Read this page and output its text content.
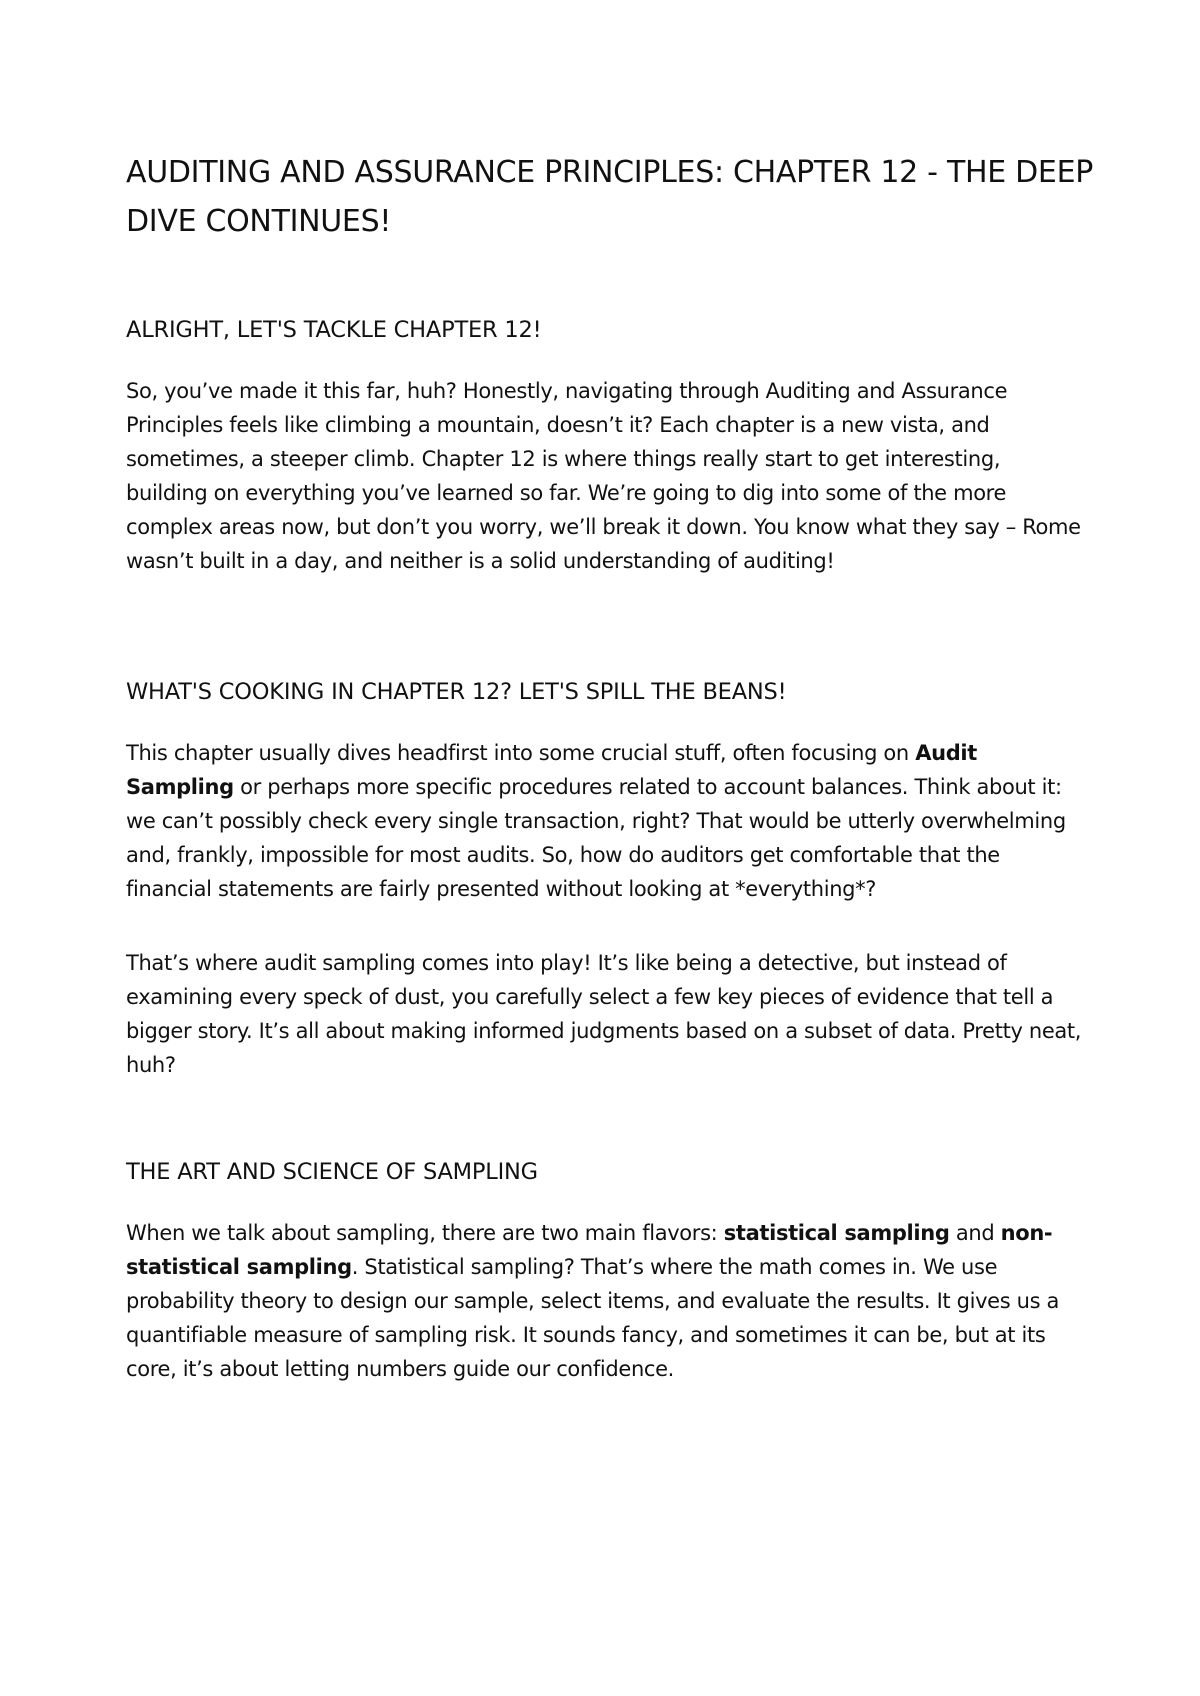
AUDITING AND ASSURANCE PRINCIPLES: CHAPTER 12 - THE DEEP DIVE CONTINUES!
ALRIGHT, LET'S TACKLE CHAPTER 12!

So, you’ve made it this far, huh? Honestly, navigating through Auditing and Assurance Principles feels like climbing a mountain, doesn’t it? Each chapter is a new vista, and sometimes, a steeper climb. Chapter 12 is where things really start to get interesting, building on everything you’ve learned so far. We’re going to dig into some of the more complex areas now, but don’t you worry, we’ll break it down. You know what they say – Rome wasn’t built in a day, and neither is a solid understanding of auditing!

WHAT'S COOKING IN CHAPTER 12? LET'S SPILL THE BEANS!

This chapter usually dives headfirst into some crucial stuff, often focusing on Audit Sampling or perhaps more specific procedures related to account balances. Think about it: we can’t possibly check every single transaction, right? That would be utterly overwhelming and, frankly, impossible for most audits. So, how do auditors get comfortable that the financial statements are fairly presented without looking at *everything*?

That’s where audit sampling comes into play! It’s like being a detective, but instead of examining every speck of dust, you carefully select a few key pieces of evidence that tell a bigger story. It’s all about making informed judgments based on a subset of data. Pretty neat, huh?

THE ART AND SCIENCE OF SAMPLING

When we talk about sampling, there are two main flavors: statistical sampling and non-statistical sampling. Statistical sampling? That’s where the math comes in. We use probability theory to design our sample, select items, and evaluate the results. It gives us a quantifiable measure of sampling risk. It sounds fancy, and sometimes it can be, but at its core, it’s about letting numbers guide our confidence.
